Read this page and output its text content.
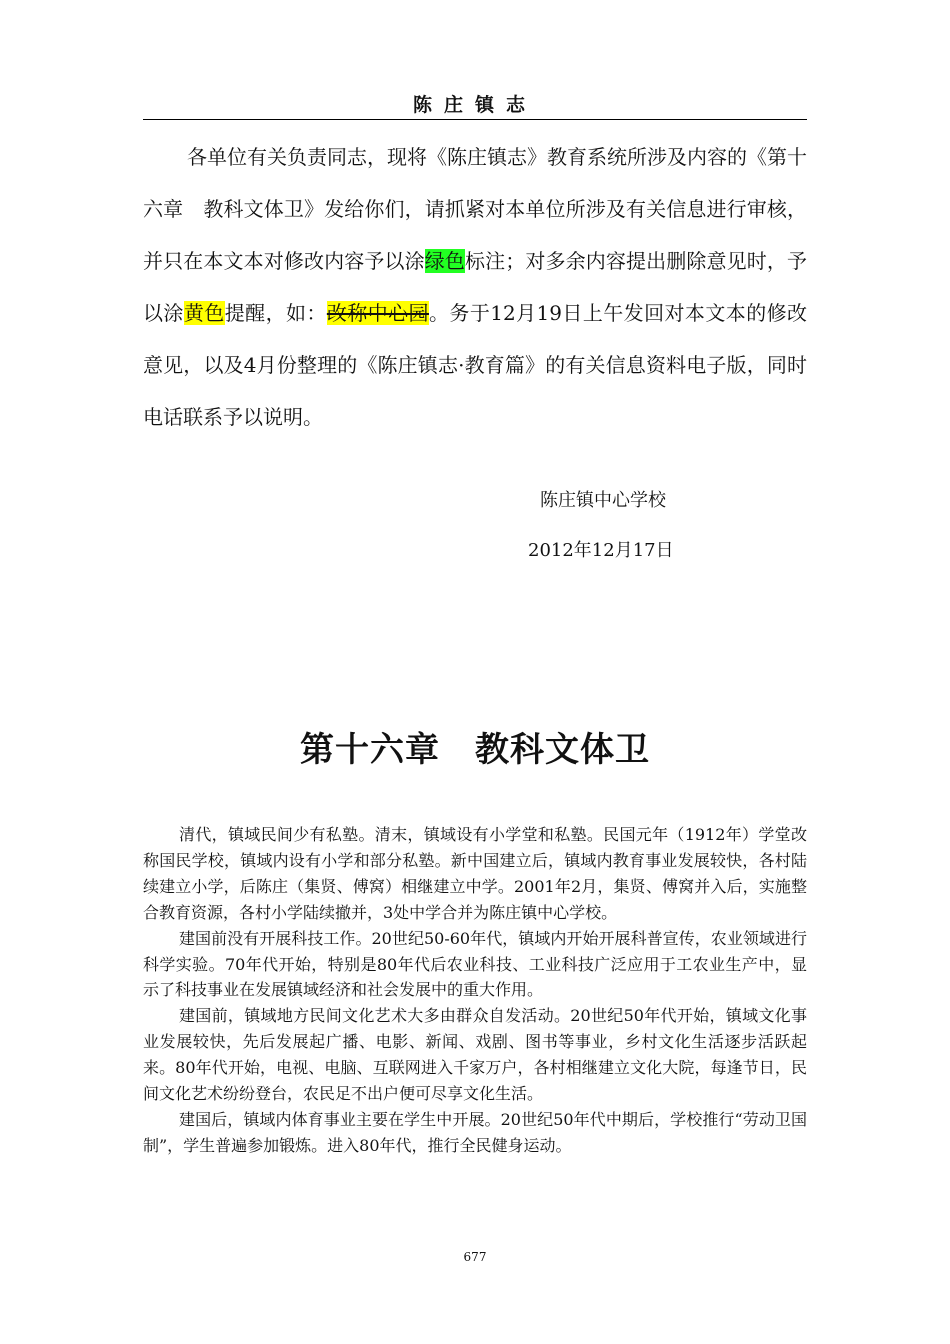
陈庄镇志

各单位有关负责同志，现将《陈庄镇志》教育系统所涉及内容的《第十六章　教科文体卫》发给你们，请抓紧对本单位所涉及有关信息进行审核，并只在本文本对修改内容予以涂绿色标注；对多余内容提出删除意见时，予以涂黄色提醒，如：改称中心园。务于12月19日上午发回对本文本的修改意见，以及4月份整理的《陈庄镇志·教育篇》的有关信息资料电子版，同时电话联系予以说明。

陈庄镇中心学校
2012年12月17日
第十六章　教科文体卫

清代，镇域民间少有私塾。清末，镇域设有小学堂和私塾。民国元年（1912年）学堂改称国民学校，镇域内设有小学和部分私塾。新中国建立后，镇域内教育事业发展较快，各村陆续建立小学，后陈庄（集贤、傅窝）相继建立中学。2001年2月，集贤、傅窝并入后，实施整合教育资源，各村小学陆续撤并，3处中学合并为陈庄镇中心学校。

建国前没有开展科技工作。20世纪50-60年代，镇域内开始开展科普宣传，农业领域进行科学实验。70年代开始，特别是80年代后农业科技、工业科技广泛应用于工农业生产中，显示了科技事业在发展镇域经济和社会发展中的重大作用。

建国前，镇域地方民间文化艺术大多由群众自发活动。20世纪50年代开始，镇域文化事业发展较快，先后发展起广播、电影、新闻、戏剧、图书等事业，乡村文化生活逐步活跃起来。80年代开始，电视、电脑、互联网进入千家万户，各村相继建立文化大院，每逢节日，民间文化艺术纷纷登台，农民足不出户便可尽享文化生活。

建国后，镇域内体育事业主要在学生中开展。20世纪50年代中期后，学校推行“劳动卫国制”，学生普遍参加锻炼。进入80年代，推行全民健身运动。

677
